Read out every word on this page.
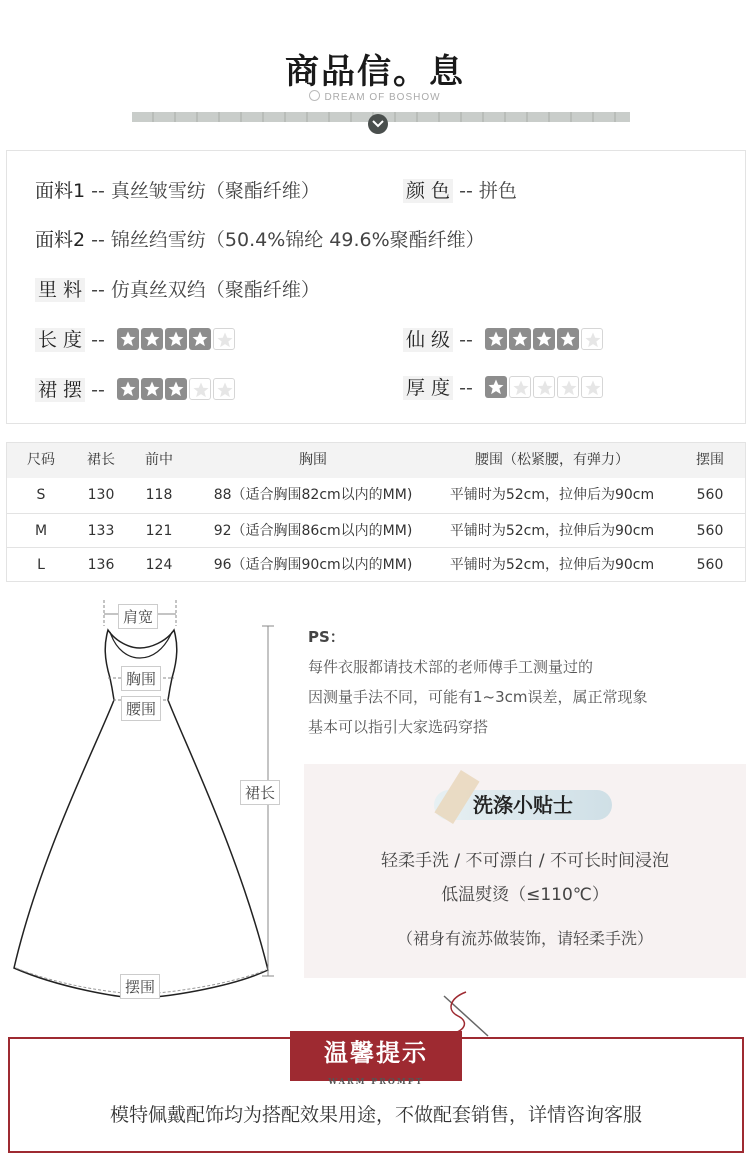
商品信。息
DREAM OF BOSHOW
面料1 -- 真丝皱雪纺（聚酯纤维）	颜 色 -- 拼色
面料2 -- 锦丝绉雪纺（50.4%锦纶 49.6%聚酯纤维）
里 料 -- 仿真丝双绉（聚酯纤维）
长 度 --	仙 级 --
裙 摆 --	厚 度 --
尺码	裙长	前中	胸围	腰围（松紧腰，有弹力）	摆围
S	130	118	88（适合胸围82cm以内的MM)	平铺时为52cm，拉伸后为90cm	560
M	133	121	92（适合胸围86cm以内的MM)	平铺时为52cm，拉伸后为90cm	560
L	136	124	96（适合胸围90cm以内的MM)	平铺时为52cm，拉伸后为90cm	560
肩宽
胸围
腰围
裙长
摆围
PS：
每件衣服都请技术部的老师傅手工测量过的
因测量手法不同，可能有1~3cm误差，属正常现象
基本可以指引大家选码穿搭
洗涤小贴士
轻柔手洗 / 不可漂白 / 不可长时间浸泡
低温熨烫（≤110℃）
（裙身有流苏做装饰，请轻柔手洗）
温馨提示
WARM PROMPT
模特佩戴配饰均为搭配效果用途，不做配套销售，详情咨询客服
